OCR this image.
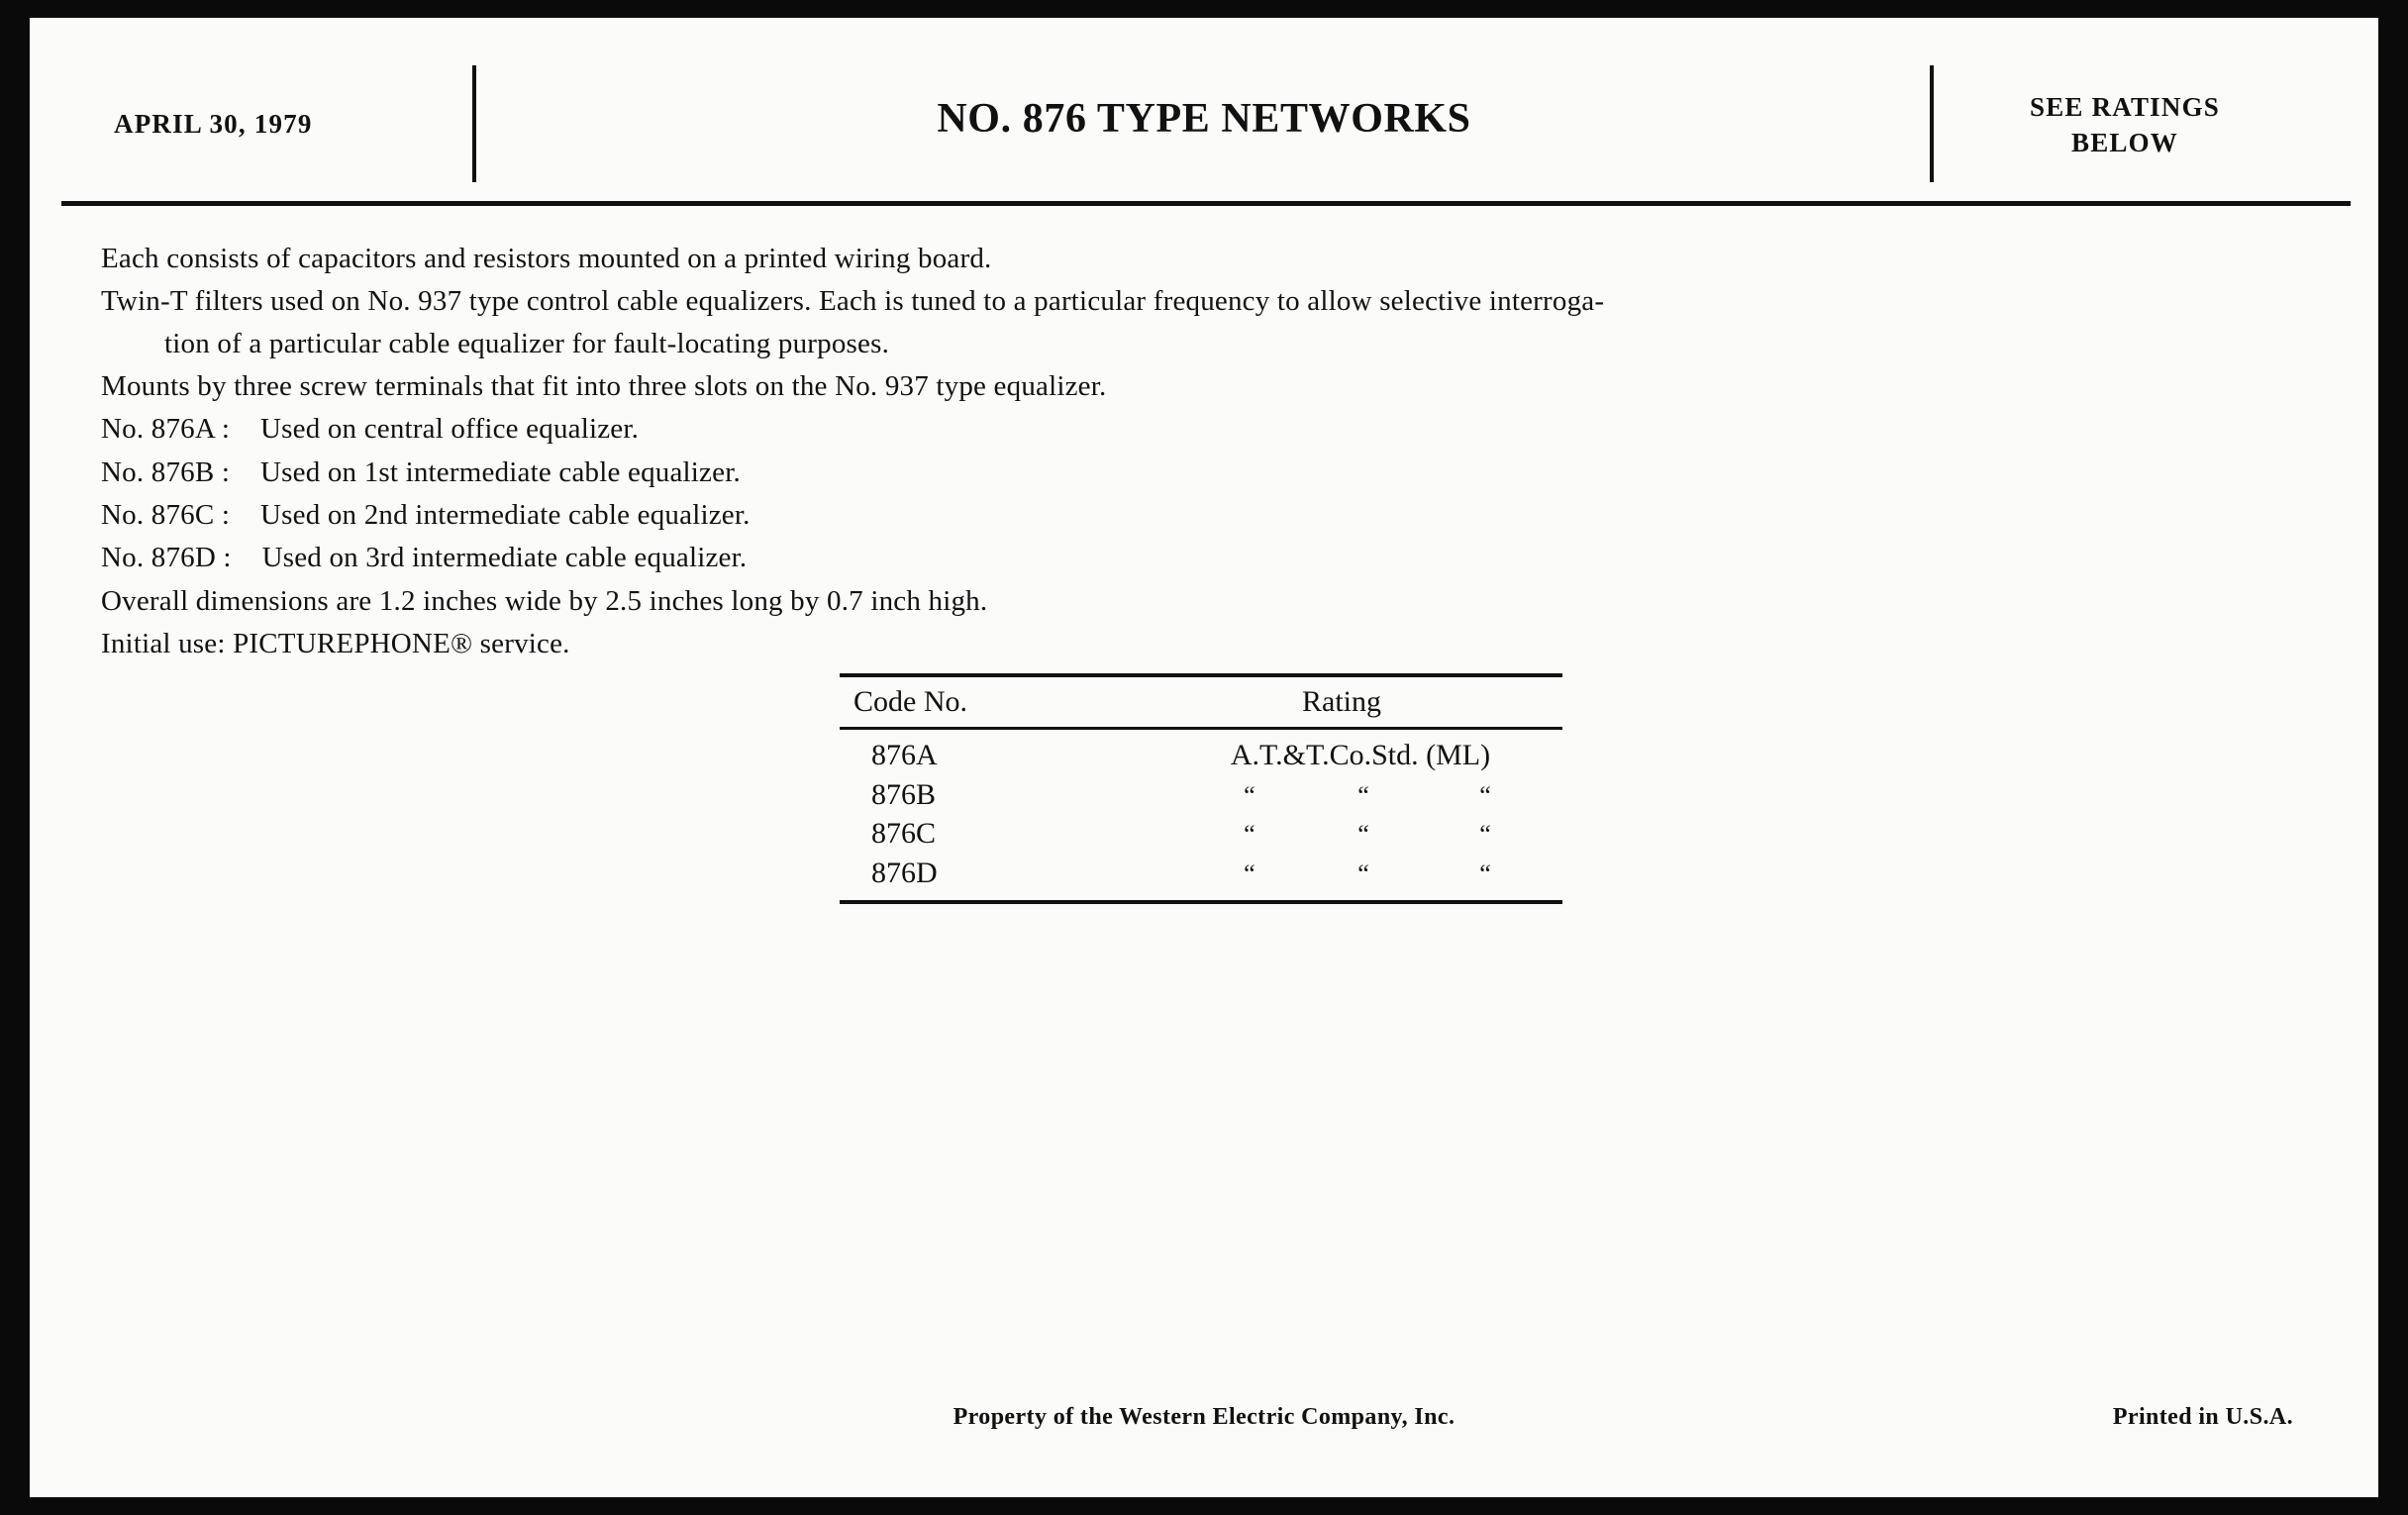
APRIL 30, 1979	NO. 876 TYPE NETWORKS	SEE RATINGS
BELOW

Each consists of capacitors and resistors mounted on a printed wiring board.

Twin-T filters used on No. 937 type control cable equalizers. Each is tuned to a particular frequency to allow selective interroga-
tion of a particular cable equalizer for fault-locating purposes.

Mounts by three screw terminals that fit into three slots on the No. 937 type equalizer.

No. 876A : Used on central office equalizer.

No. 876B : Used on 1st intermediate cable equalizer.

No. 876C : Used on 2nd intermediate cable equalizer.

No. 876D : Used on 3rd intermediate cable equalizer.

Overall dimensions are 1.2 inches wide by 2.5 inches long by 0.7 inch high.

Initial use: PICTUREPHONE® service.

Code No.	Rating
876A	A.T.&T.Co.Std. (ML)
876B	“	“	“
876C	“	“	“
876D	“	“	“
Property of the Western Electric Company, Inc.	Printed in U.S.A.
